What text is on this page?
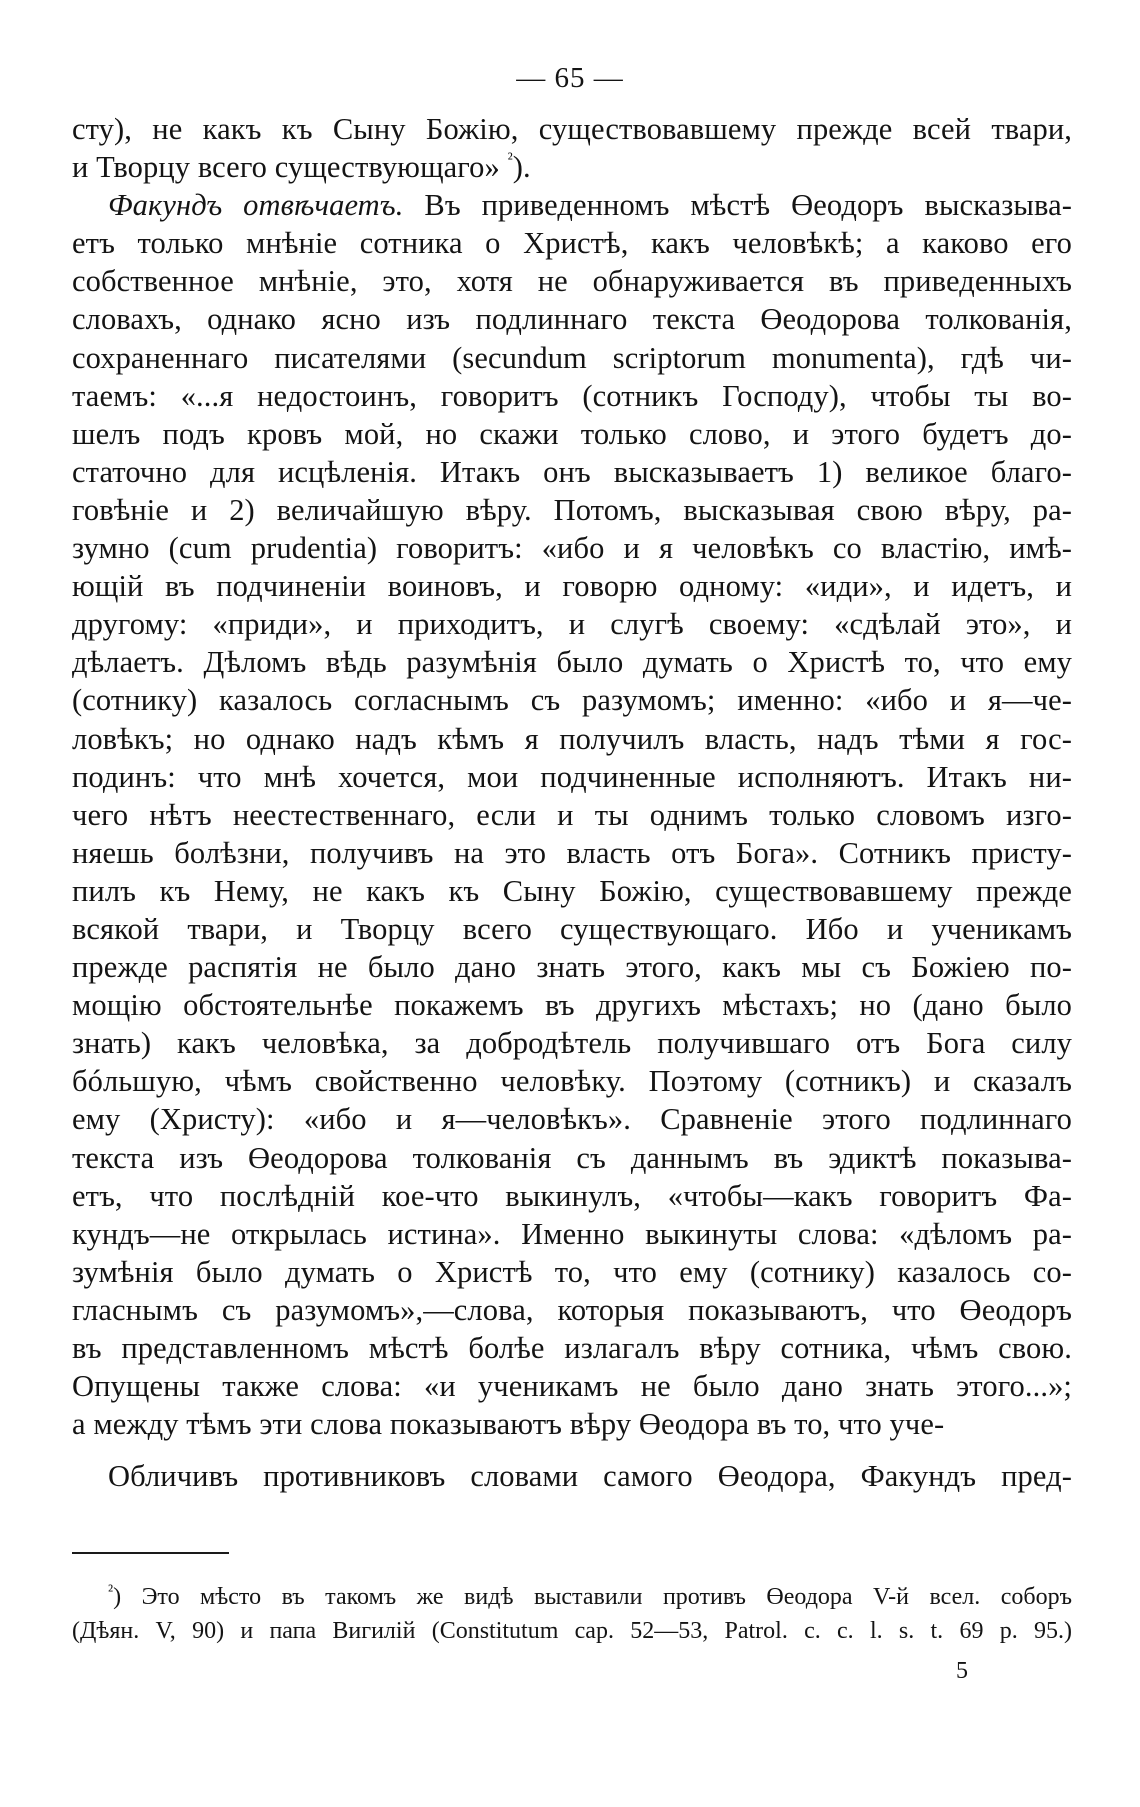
— 65 —
сту), не какъ къ Сыну Божiю, существовавшему прежде всей твари,
и Творцу всего существующаго» $^{^2}$).
Факундъ отвѣчаетъ. Въ приведенномъ мѣстѣ Өеодоръ высказыва-
етъ только мнѣнiе сотника о Христѣ, какъ человѣкѣ; а каково его
собственное мнѣнiе, это, хотя не обнаруживается въ приведенныхъ
словахъ, однако ясно изъ подлиннаго текста Өеодорова толкованiя,
сохраненнаго писателями (secundum scriptorum monumenta), гдѣ чи-
таемъ: «...я недостоинъ, говоритъ (сотникъ Господу), чтобы ты во-
шелъ подъ кровъ мой, но скажи только слово, и этого будетъ до-
статочно для исцѣленiя. Итакъ онъ высказываетъ 1) великое благо-
говѣнiе и 2) величайшую вѣру. Потомъ, высказывая свою вѣру, ра-
зумно (cum prudentia) говоритъ: «ибо и я человѣкъ со властiю, имѣ-
ющiй въ подчиненiи воиновъ, и говорю одному: «иди», и идетъ, и
другому: «приди», и приходитъ, и слугѣ своему: «сдѣлай это», и
дѣлаетъ. Дѣломъ вѣдь разумѣнiя было думать о Христѣ то, что ему
(сотнику) казалось согласнымъ съ разумомъ; именно: «ибо и я—че-
ловѣкъ; но однако надъ кѣмъ я получилъ власть, надъ тѣми я гос-
подинъ: что мнѣ хочется, мои подчиненные исполняютъ. Итакъ ни-
чего нѣтъ неестественнаго, если и ты однимъ только словомъ изго-
няешь болѣзни, получивъ на это власть отъ Бога». Сотникъ присту-
пилъ къ Нему, не какъ къ Сыну Божiю, существовавшему прежде
всякой твари, и Творцу всего существующаго. Ибо и ученикамъ
прежде распятiя не было дано знать этого, какъ мы съ Божiею по-
мощiю обстоятельнѣе покажемъ въ другихъ мѣстахъ; но (дано было
знать) какъ человѣка, за добродѣтель получившаго отъ Бога силу
бóльшую, чѣмъ свойственно человѣку. Поэтому (сотникъ) и сказалъ
ему (Христу): «ибо и я—человѣкъ». Сравненiе этого подлиннаго
текста изъ Өеодорова толкованiя съ даннымъ въ эдиктѣ показыва-
етъ, что послѣднiй кое-что выкинулъ, «чтобы—какъ говоритъ Фа-
кундъ—не открылась истина». Именно выкинуты слова: «дѣломъ ра-
зумѣнiя было думать о Христѣ то, что ему (сотнику) казалось со-
гласнымъ съ разумомъ»,—слова, которыя показываютъ, что Өеодоръ
въ представленномъ мѣстѣ болѣе излагалъ вѣру сотника, чѣмъ свою.
Опущены также слова: «и ученикамъ не было дано знать этого...»;
а между тѣмъ эти слова показываютъ вѣру Өеодора въ то, что уче-
Обличивъ противниковъ словами самого Өеодора, Факундъ пред-
$^{^2}$) Это мѣсто въ такомъ же видѣ выставили противъ Өеодора V-й всел. соборъ
(Дѣян. V, 90) и папа Вигилiй (Constitutum cap. 52—53, Patrol. c. c. l. s. t. 69 p. 95.)
5
